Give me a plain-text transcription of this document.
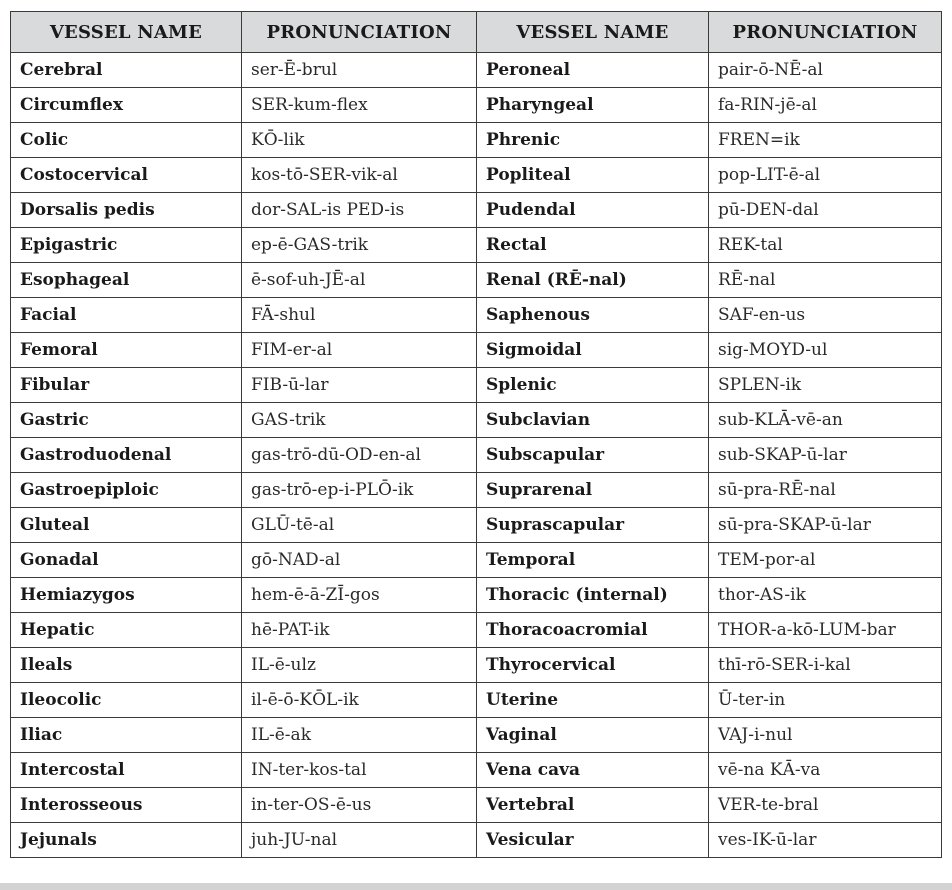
VESSEL NAME	PRONUNCIATION	VESSEL NAME	PRONUNCIATION
Cerebral	ser-Ē-brul	Peroneal	pair-ō-NĒ-al
Circumflex	SER-kum-flex	Pharyngeal	fa-RIN-jē-al
Colic	KŌ-lik	Phrenic	FREN=ik
Costocervical	kos-tō-SER-vik-al	Popliteal	pop-LIT-ē-al
Dorsalis pedis	dor-SAL-is PED-is	Pudendal	pū-DEN-dal
Epigastric	ep-ē-GAS-trik	Rectal	REK-tal
Esophageal	ē-sof-uh-JĒ-al	Renal (RĒ-nal)	RĒ-nal
Facial	FĀ-shul	Saphenous	SAF-en-us
Femoral	FIM-er-al	Sigmoidal	sig-MOYD-ul
Fibular	FIB-ū-lar	Splenic	SPLEN-ik
Gastric	GAS-trik	Subclavian	sub-KLĀ-vē-an
Gastroduodenal	gas-trō-dū-OD-en-al	Subscapular	sub-SKAP-ū-lar
Gastroepiploic	gas-trō-ep-i-PLŌ-ik	Suprarenal	sū-pra-RĒ-nal
Gluteal	GLŪ-tē-al	Suprascapular	sū-pra-SKAP-ū-lar
Gonadal	gō-NAD-al	Temporal	TEM-por-al
Hemiazygos	hem-ē-ā-ZĪ-gos	Thoracic (internal)	thor-AS-ik
Hepatic	hē-PAT-ik	Thoracoacromial	THOR-a-kō-LUM-bar
Ileals	IL-ē-ulz	Thyrocervical	thī-rō-SER-i-kal
Ileocolic	il-ē-ō-KŌL-ik	Uterine	Ū-ter-in
Iliac	IL-ē-ak	Vaginal	VAJ-i-nul
Intercostal	IN-ter-kos-tal	Vena cava	vē-na KĀ-va
Interosseous	in-ter-OS-ē-us	Vertebral	VER-te-bral
Jejunals	juh-JU-nal	Vesicular	ves-IK-ū-lar
